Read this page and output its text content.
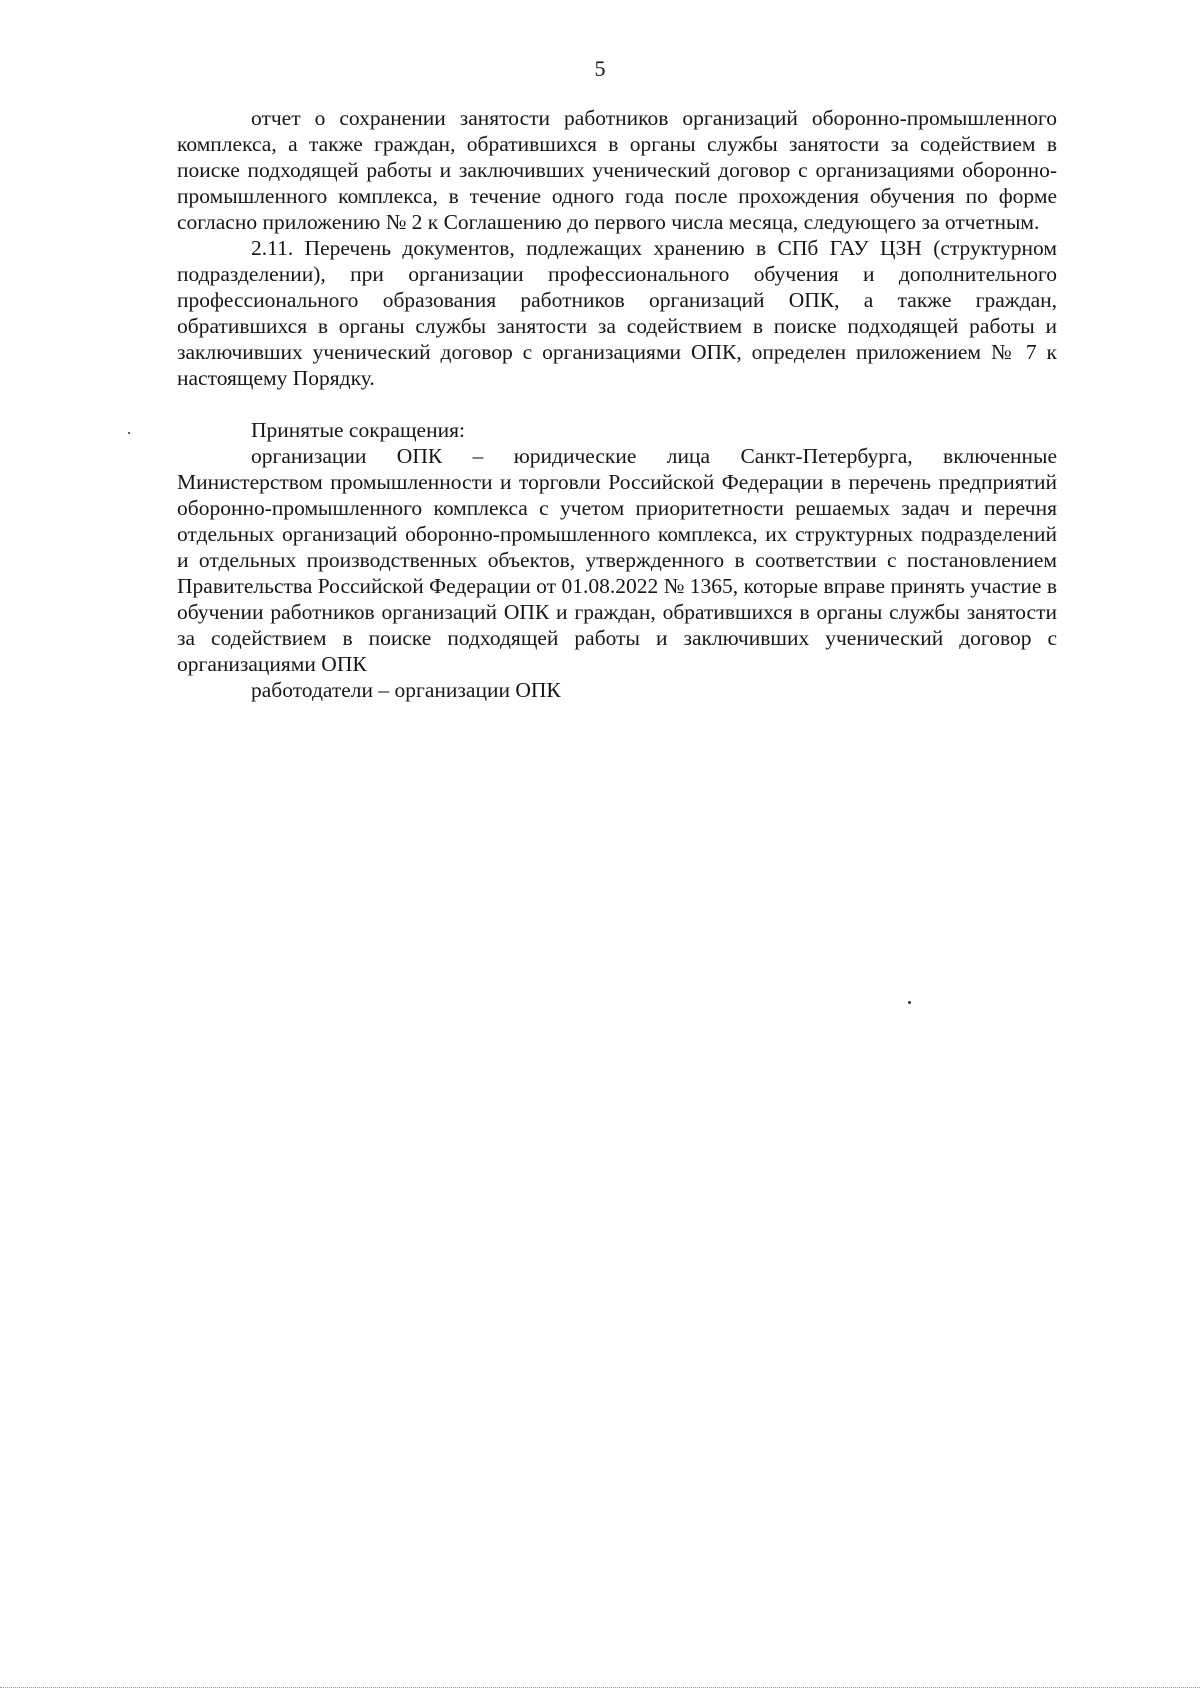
5

отчет о сохранении занятости работников организаций оборонно-промышленного комплекса, а также граждан, обратившихся в органы службы занятости за содействием в поиске подходящей работы и заключивших ученический договор с организациями оборонно-промышленного комплекса, в течение одного года после прохождения обучения по форме согласно приложению № 2 к Соглашению до первого числа месяца, следующего за отчетным.

2.11. Перечень документов, подлежащих хранению в СПб ГАУ ЦЗН (структурном подразделении), при организации профессионального обучения и дополнительного профессионального образования работников организаций ОПК, а также граждан, обратившихся в органы службы занятости за содействием в поиске подходящей работы и заключивших ученический договор с организациями ОПК, определен приложением № 7 к настоящему Порядку.

Принятые сокращения:

организации ОПК – юридические лица Санкт-Петербурга, включенные Министерством промышленности и торговли Российской Федерации в перечень предприятий оборонно-промышленного комплекса с учетом приоритетности решаемых задач и перечня отдельных организаций оборонно-промышленного комплекса, их структурных подразделений и отдельных производственных объектов, утвержденного в соответствии с постановлением Правительства Российской Федерации от 01.08.2022 № 1365, которые вправе принять участие в обучении работников организаций ОПК и граждан, обратившихся в органы службы занятости за содействием в поиске подходящей работы и заключивших ученический договор с организациями ОПК

работодатели – организации ОПК
